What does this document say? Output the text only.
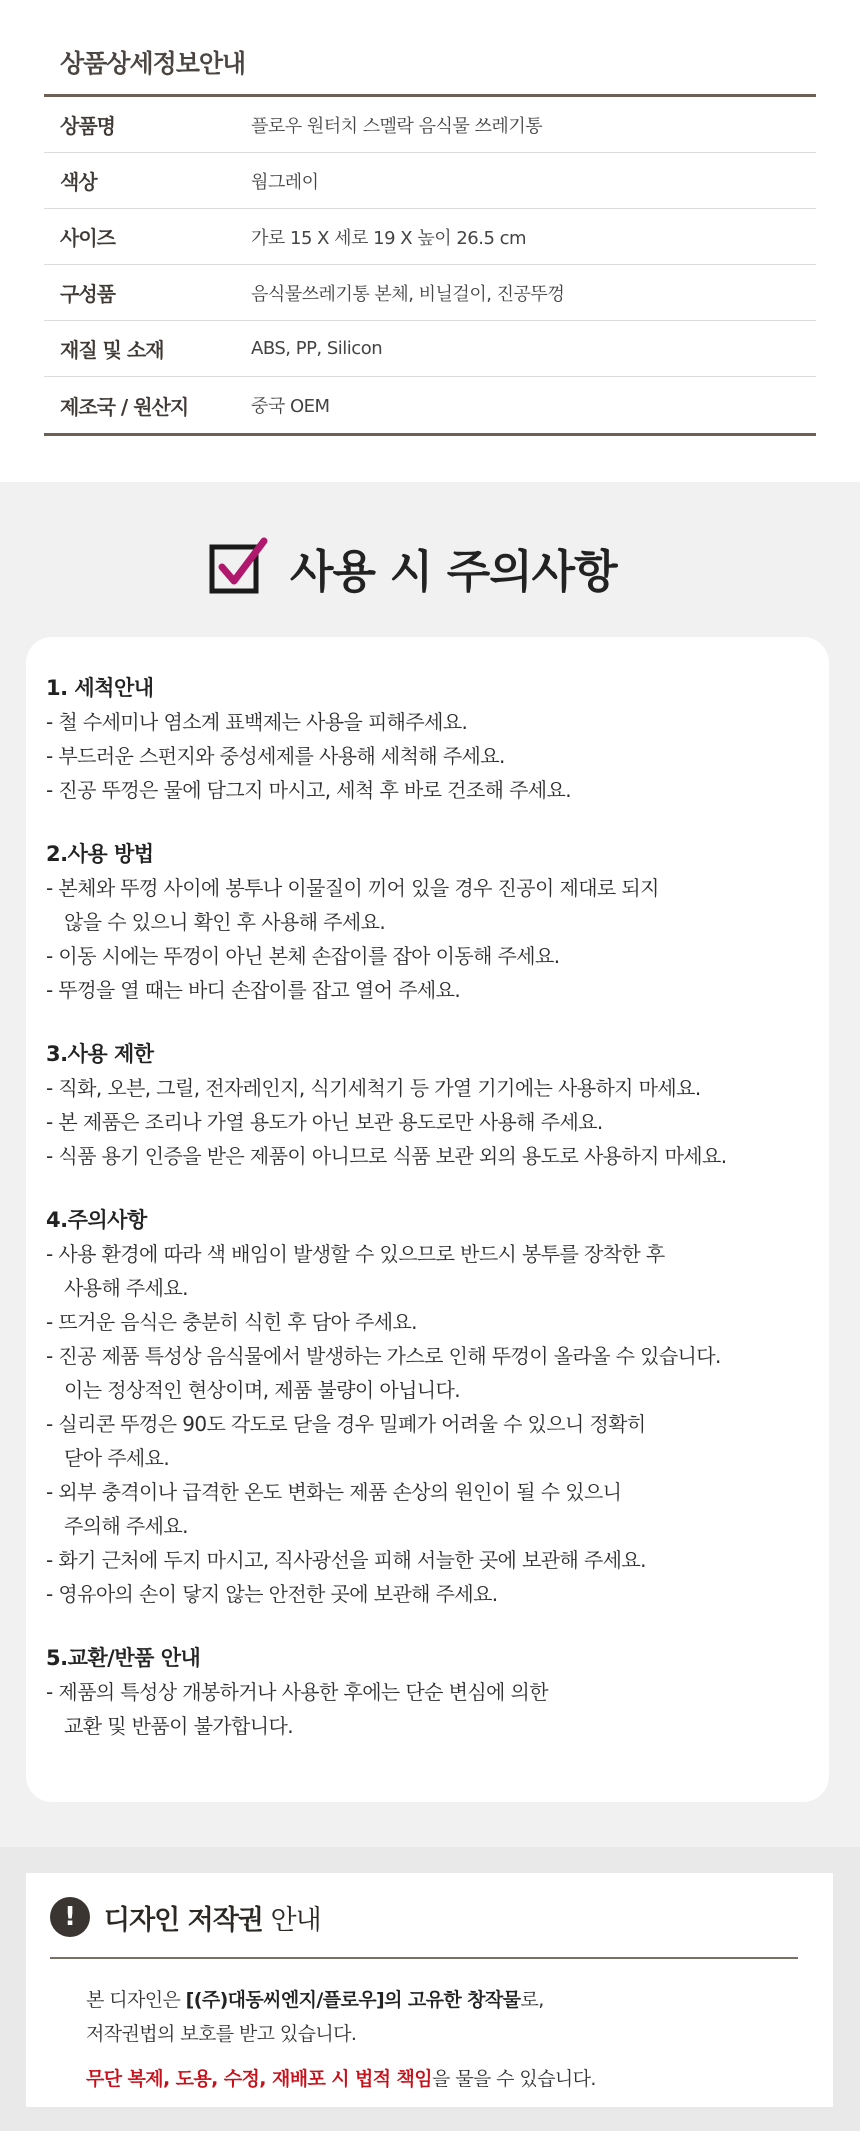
상품상세정보안내
상품명	플로우 원터치 스멜락 음식물 쓰레기통
색상	웜그레이
사이즈	가로 15 X 세로 19 X 높이 26.5 cm
구성품	음식물쓰레기통 본체, 비닐걸이, 진공뚜껑
재질 및 소재	ABS, PP, Silicon
제조국 / 원산지	중국 OEM
사용 시 주의사항
1. 세척안내
- 철 수세미나 염소계 표백제는 사용을 피해주세요.
- 부드러운 스펀지와 중성세제를 사용해 세척해 주세요.
- 진공 뚜껑은 물에 담그지 마시고, 세척 후 바로 건조해 주세요.
2.사용 방법
- 본체와 뚜껑 사이에 봉투나 이물질이 끼어 있을 경우 진공이 제대로 되지
않을 수 있으니 확인 후 사용해 주세요.
- 이동 시에는 뚜껑이 아닌 본체 손잡이를 잡아 이동해 주세요.
- 뚜껑을 열 때는 바디 손잡이를 잡고 열어 주세요.
3.사용 제한
- 직화, 오븐, 그릴, 전자레인지, 식기세척기 등 가열 기기에는 사용하지 마세요.
- 본 제품은 조리나 가열 용도가 아닌 보관 용도로만 사용해 주세요.
- 식품 용기 인증을 받은 제품이 아니므로 식품 보관 외의 용도로 사용하지 마세요.
4.주의사항
- 사용 환경에 따라 색 배임이 발생할 수 있으므로 반드시 봉투를 장착한 후
사용해 주세요.
- 뜨거운 음식은 충분히 식힌 후 담아 주세요.
- 진공 제품 특성상 음식물에서 발생하는 가스로 인해 뚜껑이 올라올 수 있습니다.
이는 정상적인 현상이며, 제품 불량이 아닙니다.
- 실리콘 뚜껑은 90도 각도로 닫을 경우 밀폐가 어려울 수 있으니 정확히
닫아 주세요.
- 외부 충격이나 급격한 온도 변화는 제품 손상의 원인이 될 수 있으니
주의해 주세요.
- 화기 근처에 두지 마시고, 직사광선을 피해 서늘한 곳에 보관해 주세요.
- 영유아의 손이 닿지 않는 안전한 곳에 보관해 주세요.
5.교환/반품 안내
- 제품의 특성상 개봉하거나 사용한 후에는 단순 변심에 의한
교환 및 반품이 불가합니다.
!	디자인 저작권 안내
본 디자인은 [(주)대동씨엔지/플로우]의 고유한 창작물로,
저작권법의 보호를 받고 있습니다.
무단 복제, 도용, 수정, 재배포 시 법적 책임을 물을 수 있습니다.
